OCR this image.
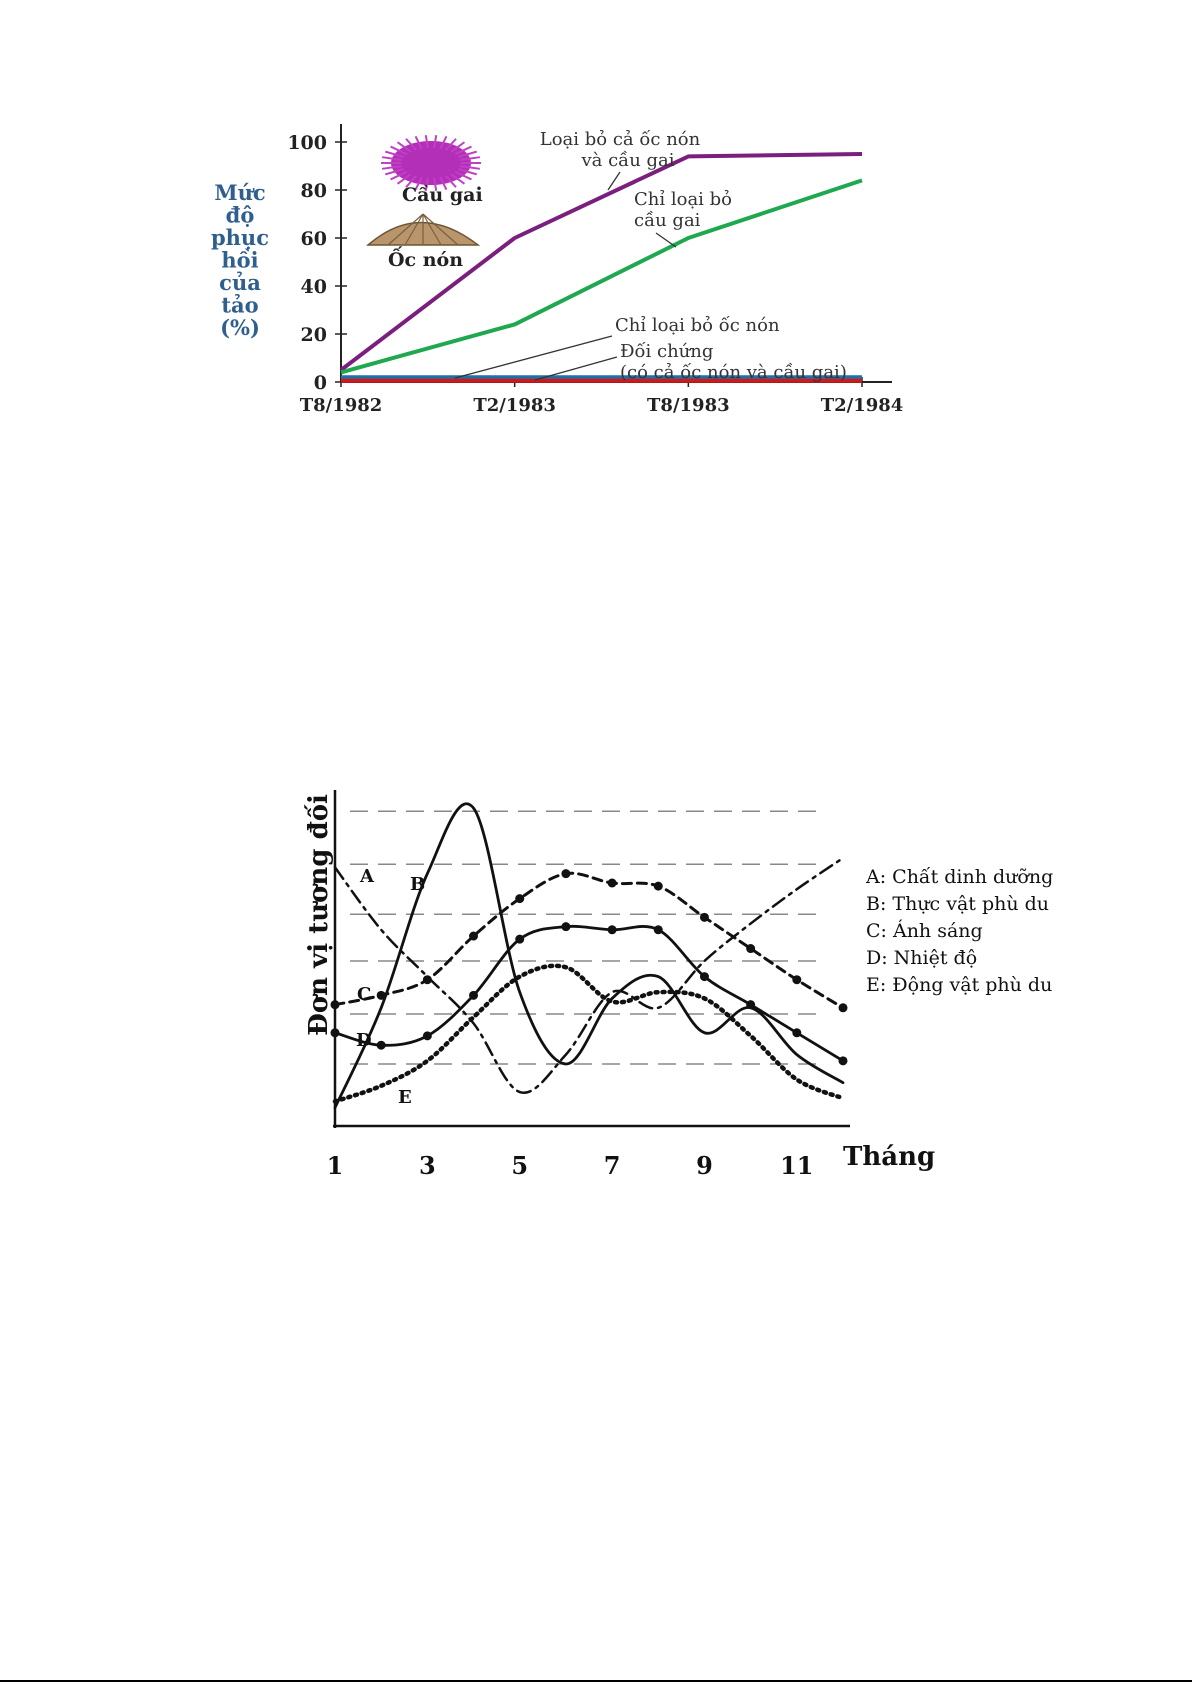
0
20
40
60
80
100
T8/1982	T2/1983	T8/1983	T2/1984
Loại bỏ cả ốc nón và cầu gai
Chỉ loại bỏ cầu gai
Chỉ loại bỏ ốc nón
Đối chứng (có cả ốc nón và cầu gai)
Cầu gai
Ốc nón
Mức
độ
phục
hồi
của
tảo
(%)
1	3	5	7	9	11
A B
C
D
E
A: Chất dinh dưỡng
B: Thực vật phù du
C: Ánh sáng
D: Nhiệt độ
E: Động vật phù du
Đơn vị tương đối
Tháng
